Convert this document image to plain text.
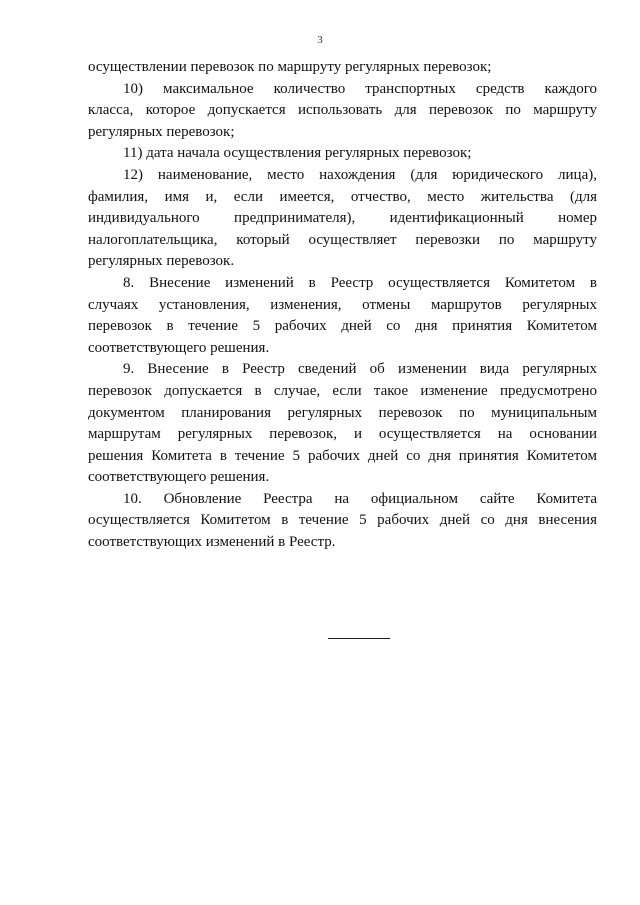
3
осуществлении перевозок по маршруту регулярных перевозок;
10) максимальное количество транспортных средств каждого
класса, которое допускается использовать для перевозок по маршруту
регулярных перевозок;
11) дата начала осуществления регулярных перевозок;
12) наименование, место нахождения (для юридического лица),
фамилия, имя и, если имеется, отчество, место жительства (для
индивидуального предпринимателя), идентификационный номер
налогоплательщика, который осуществляет перевозки по маршруту
регулярных перевозок.
8. Внесение изменений в Реестр осуществляется Комитетом в
случаях установления, изменения, отмены маршрутов регулярных
перевозок в течение 5 рабочих дней со дня принятия Комитетом
соответствующего решения.
9. Внесение в Реестр сведений об изменении вида регулярных
перевозок допускается в случае, если такое изменение предусмотрено
документом планирования регулярных перевозок по муниципальным
маршрутам регулярных перевозок, и осуществляется на основании
решения Комитета в течение 5 рабочих дней со дня принятия Комитетом
соответствующего решения.
10. Обновление Реестра на официальном сайте Комитета
осуществляется Комитетом в течение 5 рабочих дней со дня внесения
соответствующих изменений в Реестр.
